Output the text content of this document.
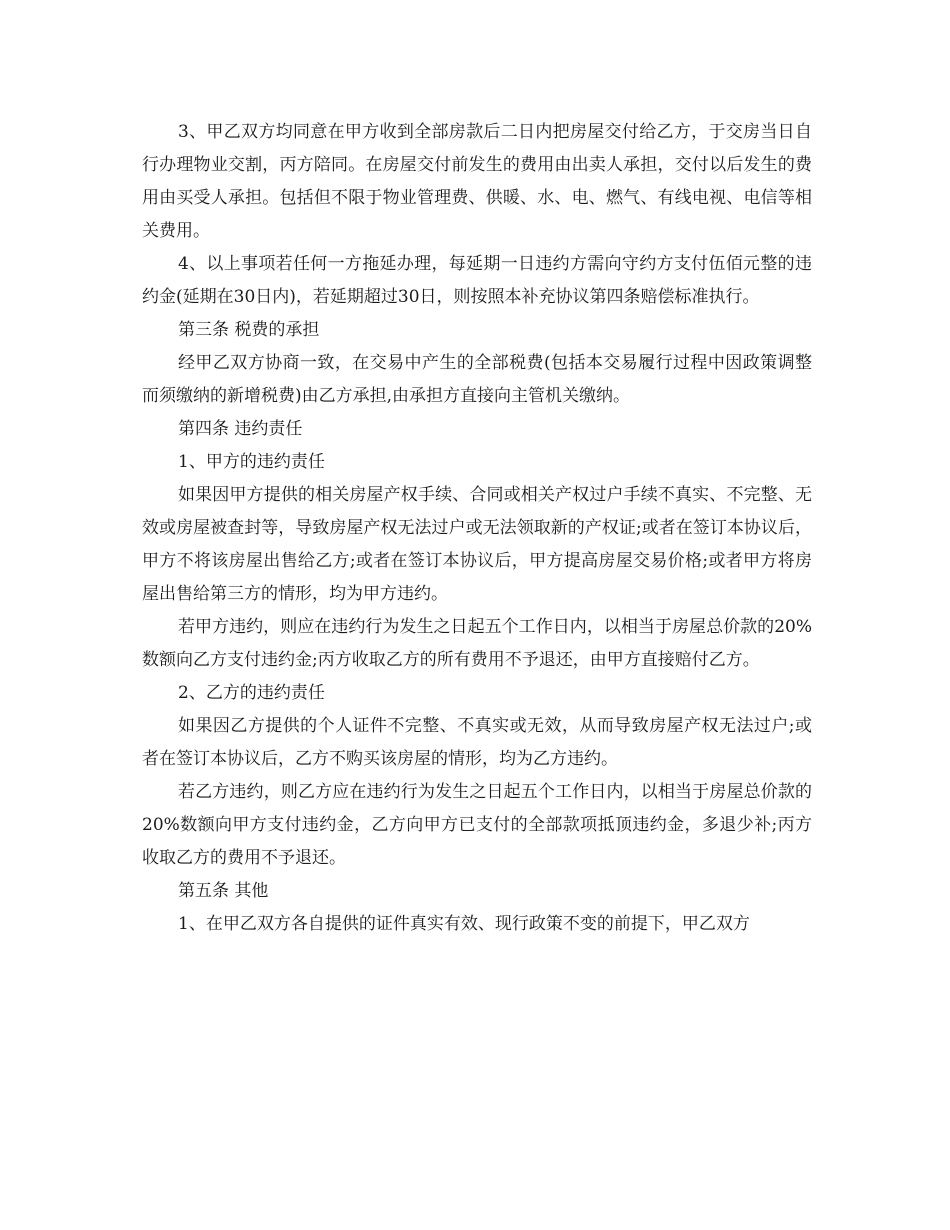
3、甲乙双方均同意在甲方收到全部房款后二日内把房屋交付给乙方，于交房当日自行办理物业交割，丙方陪同。在房屋交付前发生的费用由出卖人承担，交付以后发生的费用由买受人承担。包括但不限于物业管理费、供暖、水、电、燃气、有线电视、电信等相关费用。

4、以上事项若任何一方拖延办理，每延期一日违约方需向守约方支付伍佰元整的违约金(延期在30日内)，若延期超过30日，则按照本补充协议第四条赔偿标准执行。

第三条 税费的承担

经甲乙双方协商一致，在交易中产生的全部税费(包括本交易履行过程中因政策调整而须缴纳的新增税费)由乙方承担,由承担方直接向主管机关缴纳。

第四条 违约责任

1、甲方的违约责任

如果因甲方提供的相关房屋产权手续、合同或相关产权过户手续不真实、不完整、无效或房屋被查封等，导致房屋产权无法过户或无法领取新的产权证;或者在签订本协议后，甲方不将该房屋出售给乙方;或者在签订本协议后，甲方提高房屋交易价格;或者甲方将房屋出售给第三方的情形，均为甲方违约。

若甲方违约，则应在违约行为发生之日起五个工作日内，以相当于房屋总价款的20%数额向乙方支付违约金;丙方收取乙方的所有费用不予退还，由甲方直接赔付乙方。

2、乙方的违约责任

如果因乙方提供的个人证件不完整、不真实或无效，从而导致房屋产权无法过户;或者在签订本协议后，乙方不购买该房屋的情形，均为乙方违约。

若乙方违约，则乙方应在违约行为发生之日起五个工作日内，以相当于房屋总价款的20%数额向甲方支付违约金，乙方向甲方已支付的全部款项抵顶违约金，多退少补;丙方收取乙方的费用不予退还。

第五条 其他

1、在甲乙双方各自提供的证件真实有效、现行政策不变的前提下，甲乙双方
